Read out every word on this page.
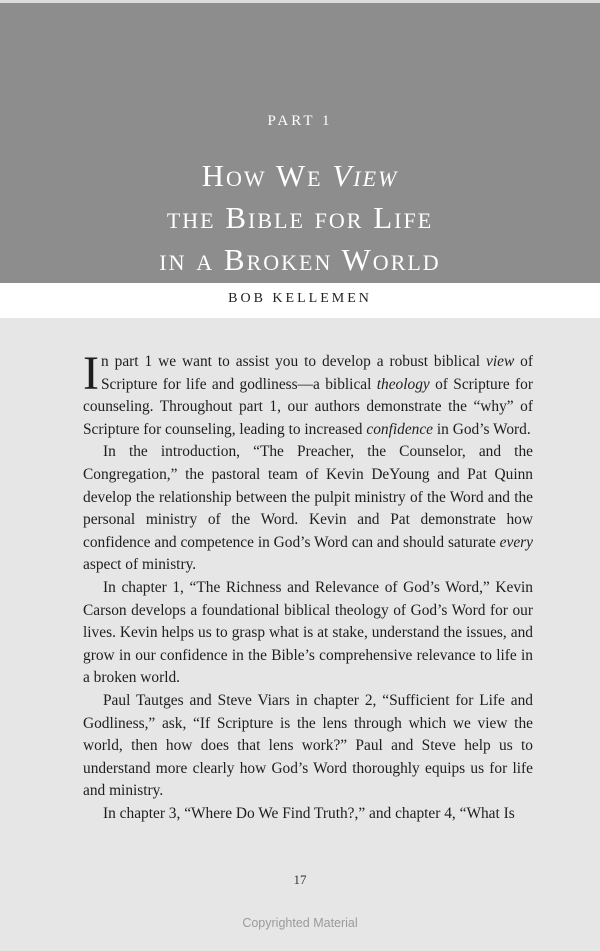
PART 1
How We View
the Bible for Life
in a Broken World
BOB KELLEMEN

In part 1 we want to assist you to develop a robust biblical view of Scripture for life and godliness—a biblical theology of Scripture for counseling. Throughout part 1, our authors demonstrate the “why” of Scripture for counseling, leading to increased confidence in God’s Word.

In the introduction, “The Preacher, the Counselor, and the Congregation,” the pastoral team of Kevin DeYoung and Pat Quinn develop the relationship between the pulpit ministry of the Word and the personal ministry of the Word. Kevin and Pat demonstrate how confidence and competence in God’s Word can and should saturate every aspect of ministry.

In chapter 1, “The Richness and Relevance of God’s Word,” Kevin Carson develops a foundational biblical theology of God’s Word for our lives. Kevin helps us to grasp what is at stake, understand the issues, and grow in our confidence in the Bible’s comprehensive relevance to life in a broken world.

Paul Tautges and Steve Viars in chapter 2, “Sufficient for Life and Godliness,” ask, “If Scripture is the lens through which we view the world, then how does that lens work?” Paul and Steve help us to understand more clearly how God’s Word thoroughly equips us for life and ministry.

In chapter 3, “Where Do We Find Truth?,” and chapter 4, “What Is

17
Copyrighted Material
